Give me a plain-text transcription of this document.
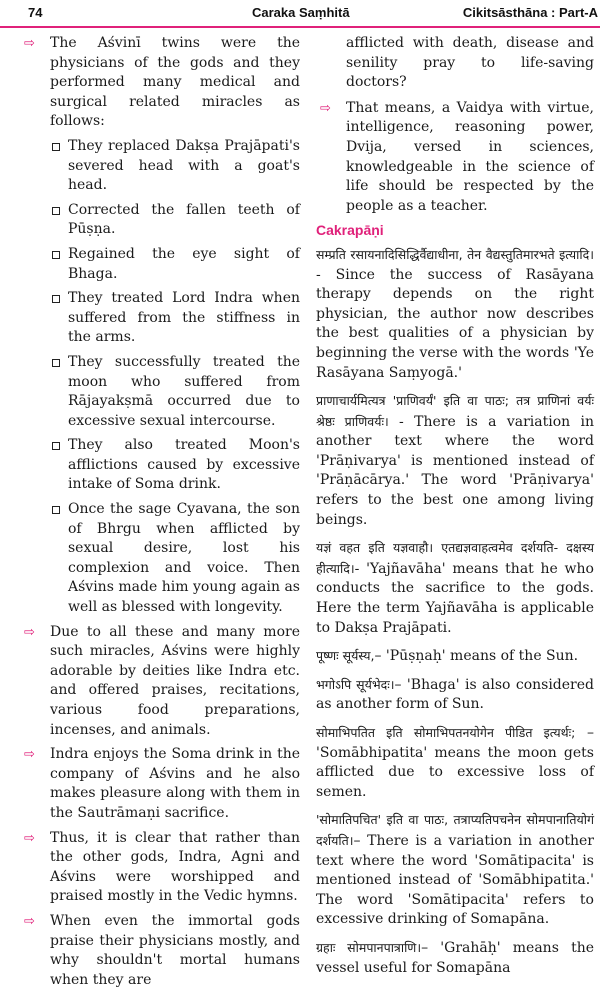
74	Caraka Saṃhitā	Cikitsāsthāna : Part-A
⇨ The Aśvinī twins were the physicians of the gods and they performed many medical and surgical related miracles as follows:
They replaced Dakṣa Prajāpati's severed head with a goat's head.
Corrected the fallen teeth of Pūṣṇa.
Regained the eye sight of Bhaga.
They treated Lord Indra when suffered from the stiffness in the arms.
They successfully treated the moon who suffered from Rājayakṣmā occurred due to excessive sexual intercourse.
They also treated Moon's afflictions caused by excessive intake of Soma drink.
Once the sage Cyavana, the son of Bhrgu when afflicted by sexual desire, lost his complexion and voice. Then Aśvins made him young again as well as blessed with longevity.
⇨ Due to all these and many more such miracles, Aśvins were highly adorable by deities like Indra etc. and offered praises, recitations, various food preparations, incenses, and animals.
⇨ Indra enjoys the Soma drink in the company of Aśvins and he also makes pleasure along with them in the Sautrāmaṇi sacrifice.
⇨ Thus, it is clear that rather than the other gods, Indra, Agni and Aśvins were worshipped and praised mostly in the Vedic hymns.
⇨ When even the immortal gods praise their physicians mostly, and why shouldn't mortal humans when they are
afflicted with death, disease and senility pray to life-saving doctors?
⇨ That means, a Vaidya with virtue, intelligence, reasoning power, Dvija, versed in sciences, knowledgeable in the science of life should be respected by the people as a teacher.
Cakrapāṇi
सम्प्रति रसायनादिसिद्धिर्वैद्याधीना, तेन वैद्यस्तुतिमारभते इत्यादि। - Since the success of Rasāyana therapy depends on the right physician, the author now describes the best qualities of a physician by beginning the verse with the words 'Ye Rasāyana Saṃyogā.'
प्राणाचार्यमित्यत्र 'प्राणिवर्यं' इति वा पाठः; तत्र प्राणिनां वर्यः श्रेष्ठः प्राणिवर्यः। - There is a variation in another text where the word 'Prāṇivarya' is mentioned instead of 'Prāṇācārya.' The word 'Prāṇivarya' refers to the best one among living beings.
यज्ञं वहत इति यज्ञवाहौ। एतद्यज्ञवाहत्वमेव दर्शयति- दक्षस्य हीत्यादि।- 'Yajñavāha' means that he who conducts the sacrifice to the gods. Here the term Yajñavāha is applicable to Dakṣa Prajāpati.
पूष्णः सूर्यस्य,– 'Pūṣṇaḥ' means of the Sun.
भगोऽपि सूर्यभेदः।– 'Bhaga' is also considered as another form of Sun.
सोमाभिपतित इति सोमाभिपतनयोगेन पीडित इत्यर्थः; – 'Somābhipatita' means the moon gets afflicted due to excessive loss of semen.
'सोमातिपचित' इति वा पाठः, तत्राप्यतिपचनेन सोमपानातियोगं दर्शयति।– There is a variation in another text where the word 'Somātipacita' is mentioned instead of 'Somābhipatita.' The word 'Somātipacita' refers to excessive drinking of Somapāna.
ग्रहाः सोमपानपात्राणि।– 'Grahāḥ' means the vessel useful for Somapāna
